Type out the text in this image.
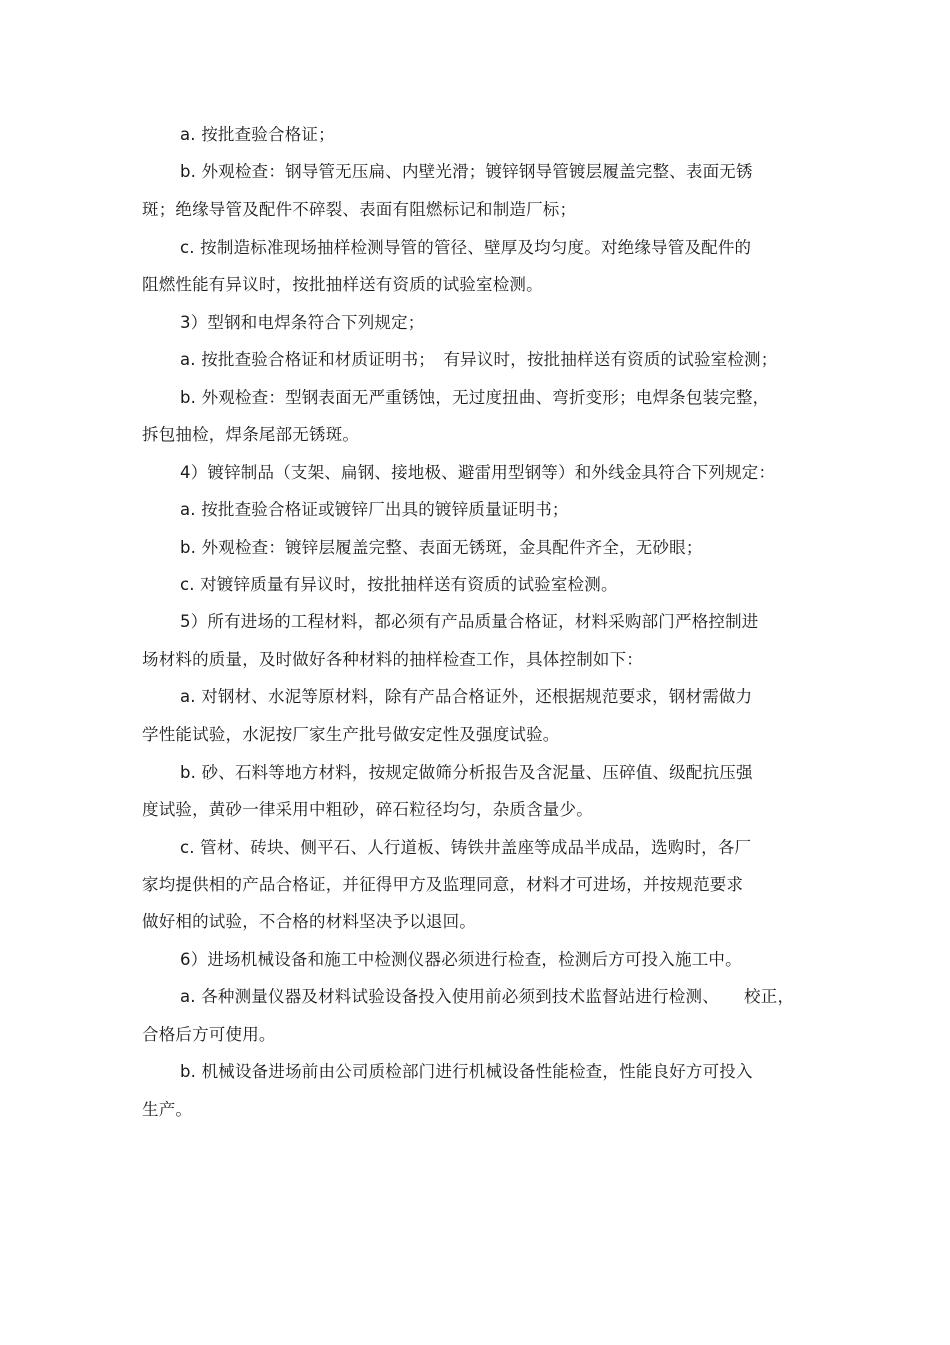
a. 按批查验合格证；
b. 外观检查：钢导管无压扁、内壁光滑；镀锌钢导管镀层履盖完整、表面无锈
斑；绝缘导管及配件不碎裂、表面有阻燃标记和制造厂标；
c. 按制造标准现场抽样检测导管的管径、壁厚及均匀度。对绝缘导管及配件的
阻燃性能有异议时，按批抽样送有资质的试验室检测。
3）型钢和电焊条符合下列规定；
a. 按批查验合格证和材质证明书；　有异议时，按批抽样送有资质的试验室检测；
b. 外观检查：型钢表面无严重锈蚀，无过度扭曲、弯折变形；电焊条包装完整，
拆包抽检，焊条尾部无锈斑。
4）镀锌制品（支架、扁钢、接地极、避雷用型钢等）和外线金具符合下列规定：
a. 按批查验合格证或镀锌厂出具的镀锌质量证明书；
b. 外观检查：镀锌层履盖完整、表面无锈斑，金具配件齐全，无砂眼；
c. 对镀锌质量有异议时，按批抽样送有资质的试验室检测。
5）所有进场的工程材料，都必须有产品质量合格证，材料采购部门严格控制进
场材料的质量，及时做好各种材料的抽样检查工作，具体控制如下：
a. 对钢材、水泥等原材料，除有产品合格证外，还根据规范要求，钢材需做力
学性能试验，水泥按厂家生产批号做安定性及强度试验。
b. 砂、石料等地方材料，按规定做筛分析报告及含泥量、压碎值、级配抗压强
度试验，黄砂一律采用中粗砂，碎石粒径均匀，杂质含量少。
c. 管材、砖块、侧平石、人行道板、铸铁井盖座等成品半成品，选购时，各厂
家均提供相的产品合格证，并征得甲方及监理同意，材料才可进场，并按规范要求
做好相的试验，不合格的材料坚决予以退回。
6）进场机械设备和施工中检测仪器必须进行检查，检测后方可投入施工中。
a. 各种测量仪器及材料试验设备投入使用前必须到技术监督站进行检测、　　校正，
合格后方可使用。
b. 机械设备进场前由公司质检部门进行机械设备性能检查，性能良好方可投入
生产。
